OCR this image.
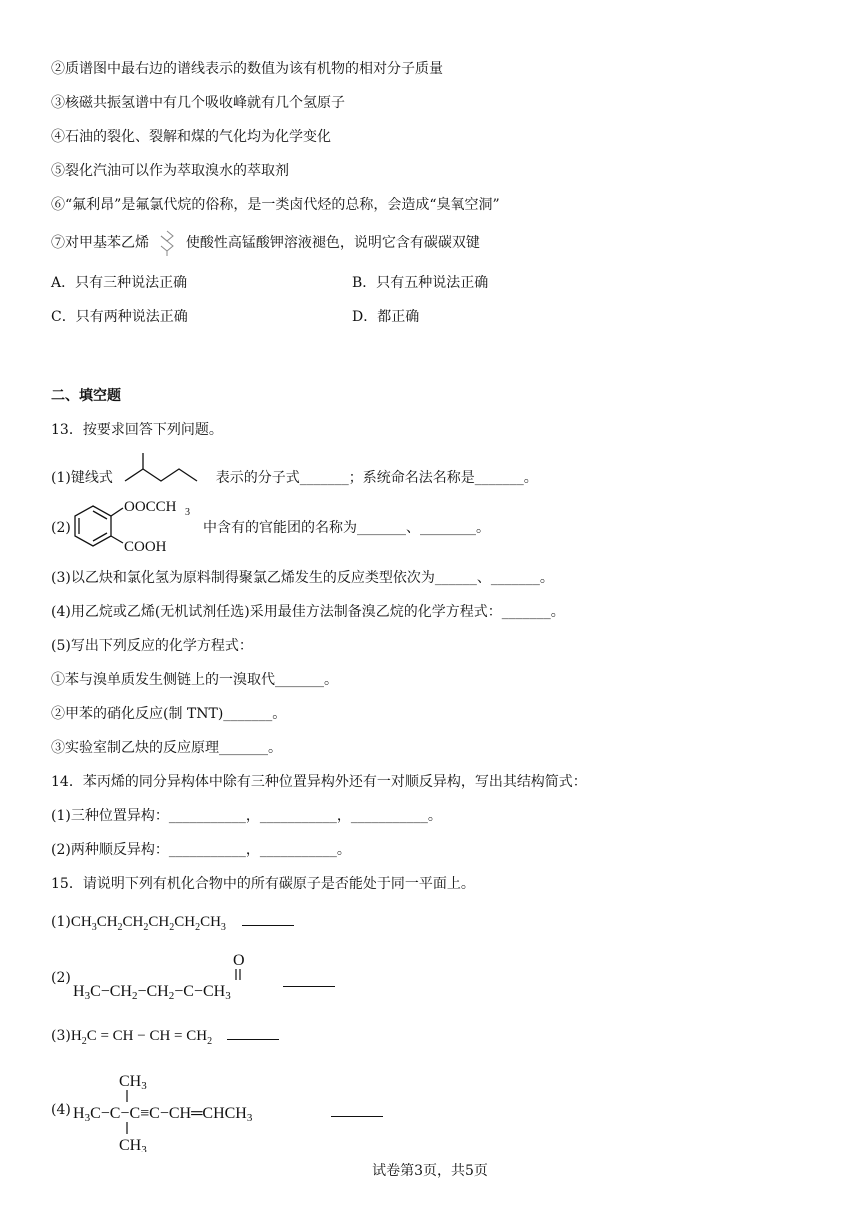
②质谱图中最右边的谱线表示的数值为该有机物的相对分子质量
③核磁共振氢谱中有几个吸收峰就有几个氢原子
④石油的裂化、裂解和煤的气化均为化学变化
⑤裂化汽油可以作为萃取溴水的萃取剂
⑥“氟利昂”是氟氯代烷的俗称，是一类卤代烃的总称，会造成“臭氧空洞”
⑦对甲基苯乙烯	使酸性高锰酸钾溶液褪色，说明它含有碳碳双键
A．只有三种说法正确	B．只有五种说法正确
C．只有两种说法正确	D．都正确
二、填空题
13．按要求回答下列问题。
(1)键线式	表示的分子式_______；系统命名法名称是_______。
(2)
OOCCH 3
COOH
中含有的官能团的名称为_______、________。
(3)以乙炔和氯化氢为原料制得聚氯乙烯发生的反应类型依次为______、_______。
(4)用乙烷或乙烯(无机试剂任选)采用最佳方法制备溴乙烷的化学方程式：_______。
(5)写出下列反应的化学方程式：
①苯与溴单质发生侧链上的一溴取代_______。
②甲苯的硝化反应(制 TNT)_______。
③实验室制乙炔的反应原理_______。
14．苯丙烯的同分异构体中除有三种位置异构外还有一对顺反异构，写出其结构简式：
(1)三种位置异构：___________，___________，___________。
(2)两种顺反异构：___________，___________。
15．请说明下列有机化合物中的所有碳原子是否能处于同一平面上。
$(1)CH_3CH_2CH_2CH_2CH_2CH_3$
(2)
O
H3C−CH2−CH2−C−CH3
$(3)H_2C$ = CH − CH = $CH_2$
(4)
CH3
H3C−C−C≡C−CH═CHCH3
CH3
试卷第3页，共5页
